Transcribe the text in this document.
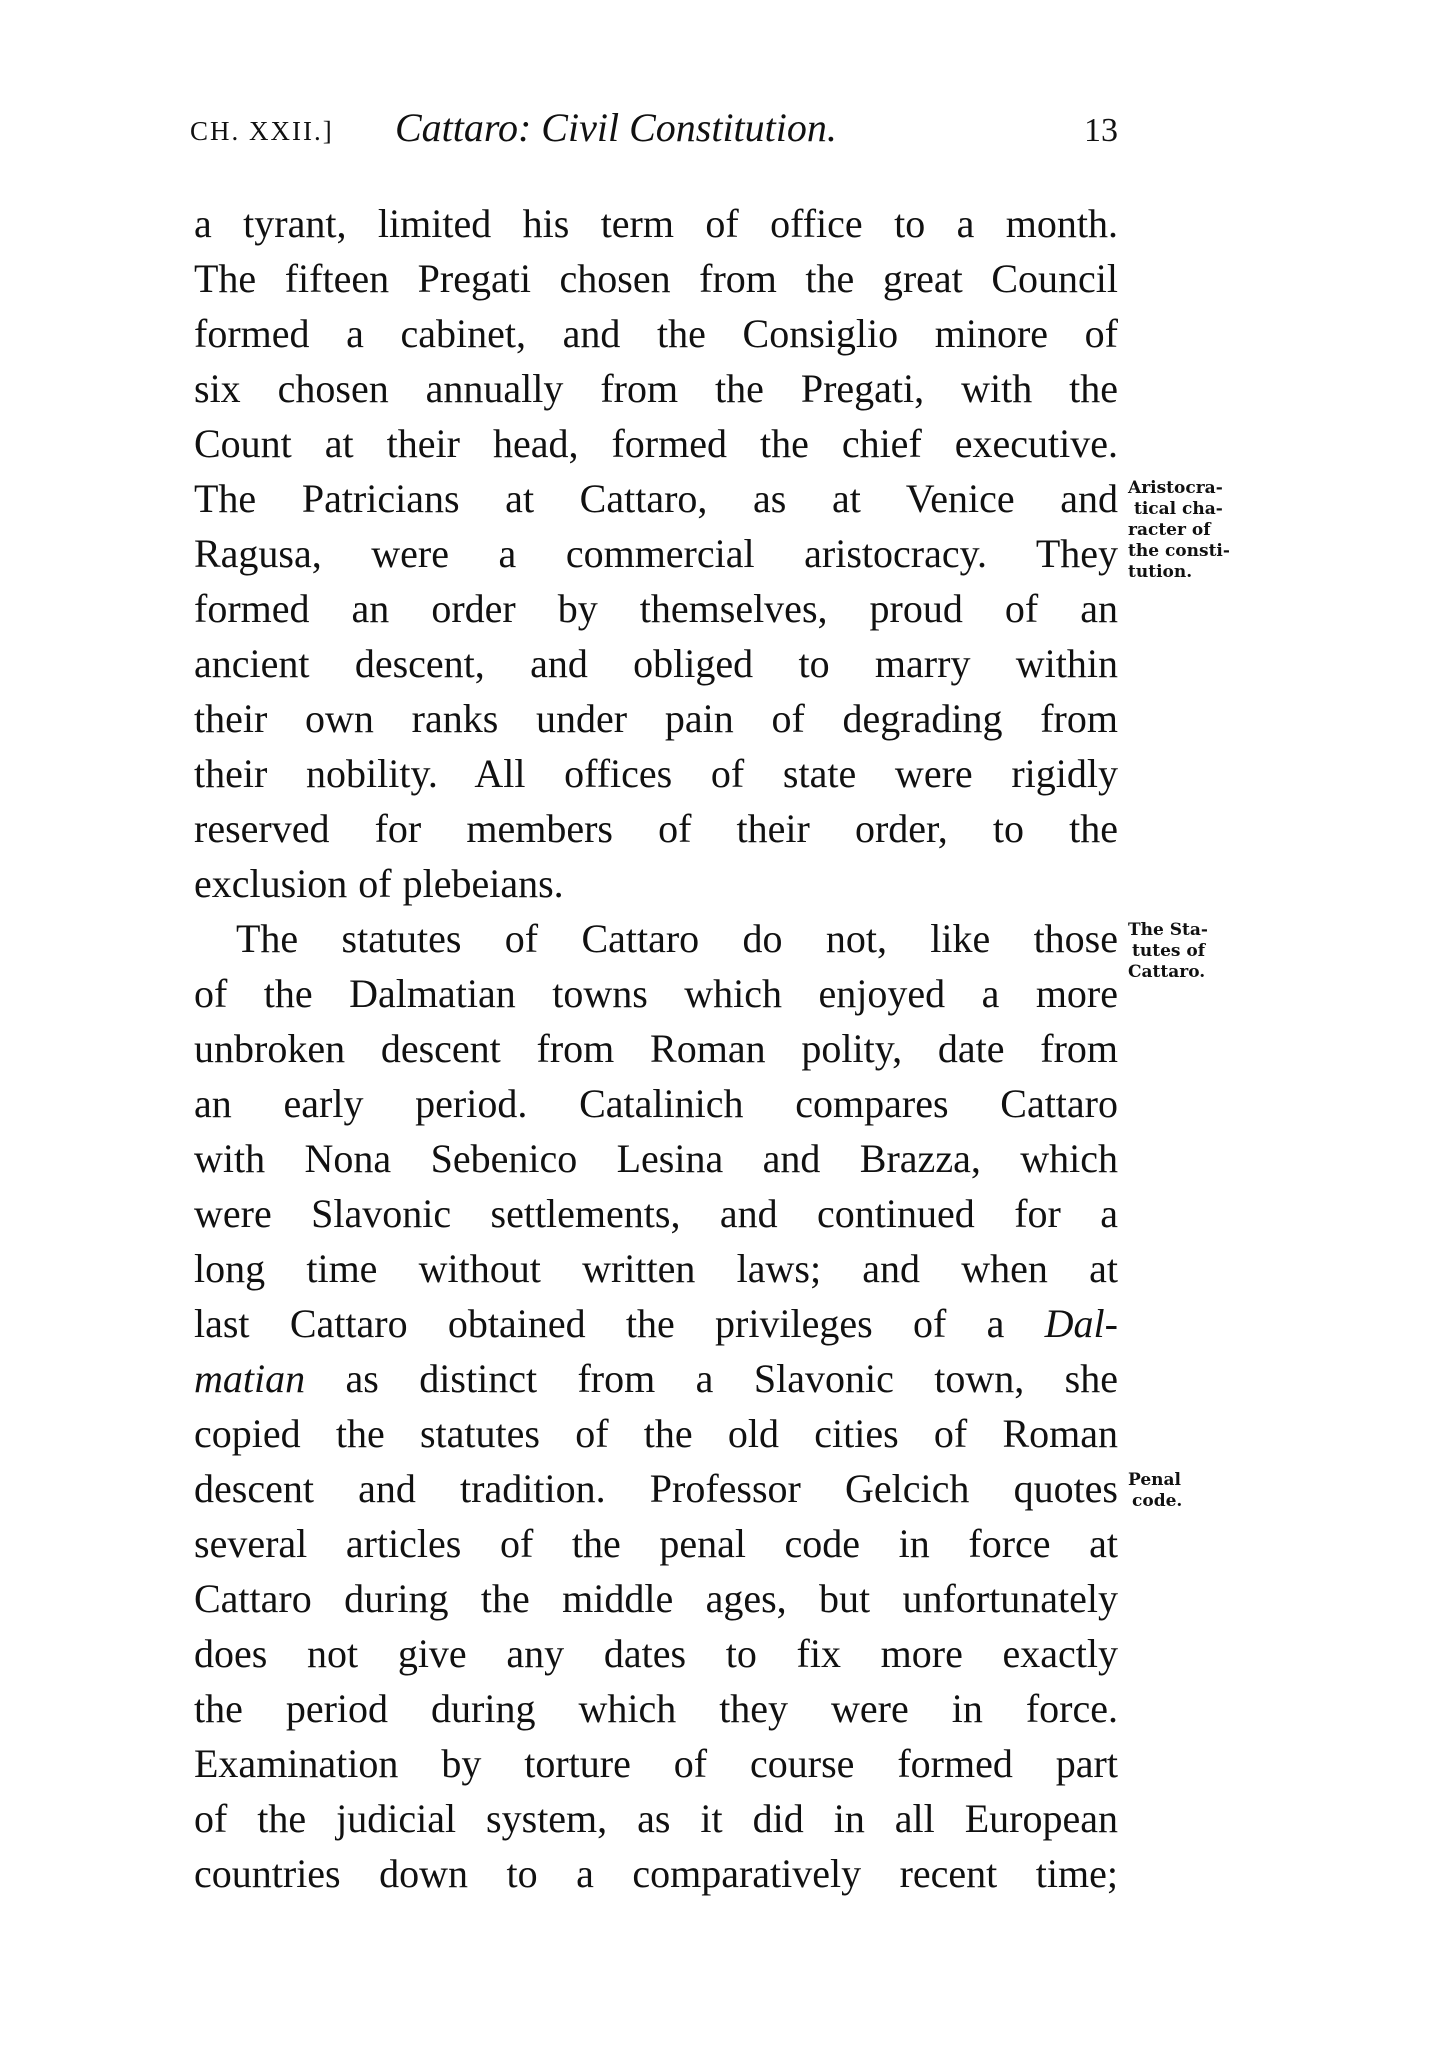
CH. XXII.] Cattaro: Civil Constitution.	13
a tyrant, limited his term of office to a month.
The fifteen Pregati chosen from the great Council
formed a cabinet, and the Consiglio minore of
six chosen annually from the Pregati, with the
Count at their head, formed the chief executive.
The Patricians at Cattaro, as at Venice and
Ragusa, were a commercial aristocracy. They
formed an order by themselves, proud of an
ancient descent, and obliged to marry within
their own ranks under pain of degrading from
their nobility. All offices of state were rigidly
reserved for members of their order, to the
exclusion of plebeians.
The statutes of Cattaro do not, like those
of the Dalmatian towns which enjoyed a more
unbroken descent from Roman polity, date from
an early period. Catalinich compares Cattaro
with Nona Sebenico Lesina and Brazza, which
were Slavonic settlements, and continued for a
long time without written laws; and when at
last Cattaro obtained the privileges of a Dal-
matian as distinct from a Slavonic town, she
copied the statutes of the old cities of Roman
descent and tradition. Professor Gelcich quotes
several articles of the penal code in force at
Cattaro during the middle ages, but unfortunately
does not give any dates to fix more exactly
the period during which they were in force.
Examination by torture of course formed part
of the judicial system, as it did in all European
countries down to a comparatively recent time;
Aristocra-
tical cha-
racter of
the consti-
tution.
The Sta-
tutes of
Cattaro.
Penal
code.
